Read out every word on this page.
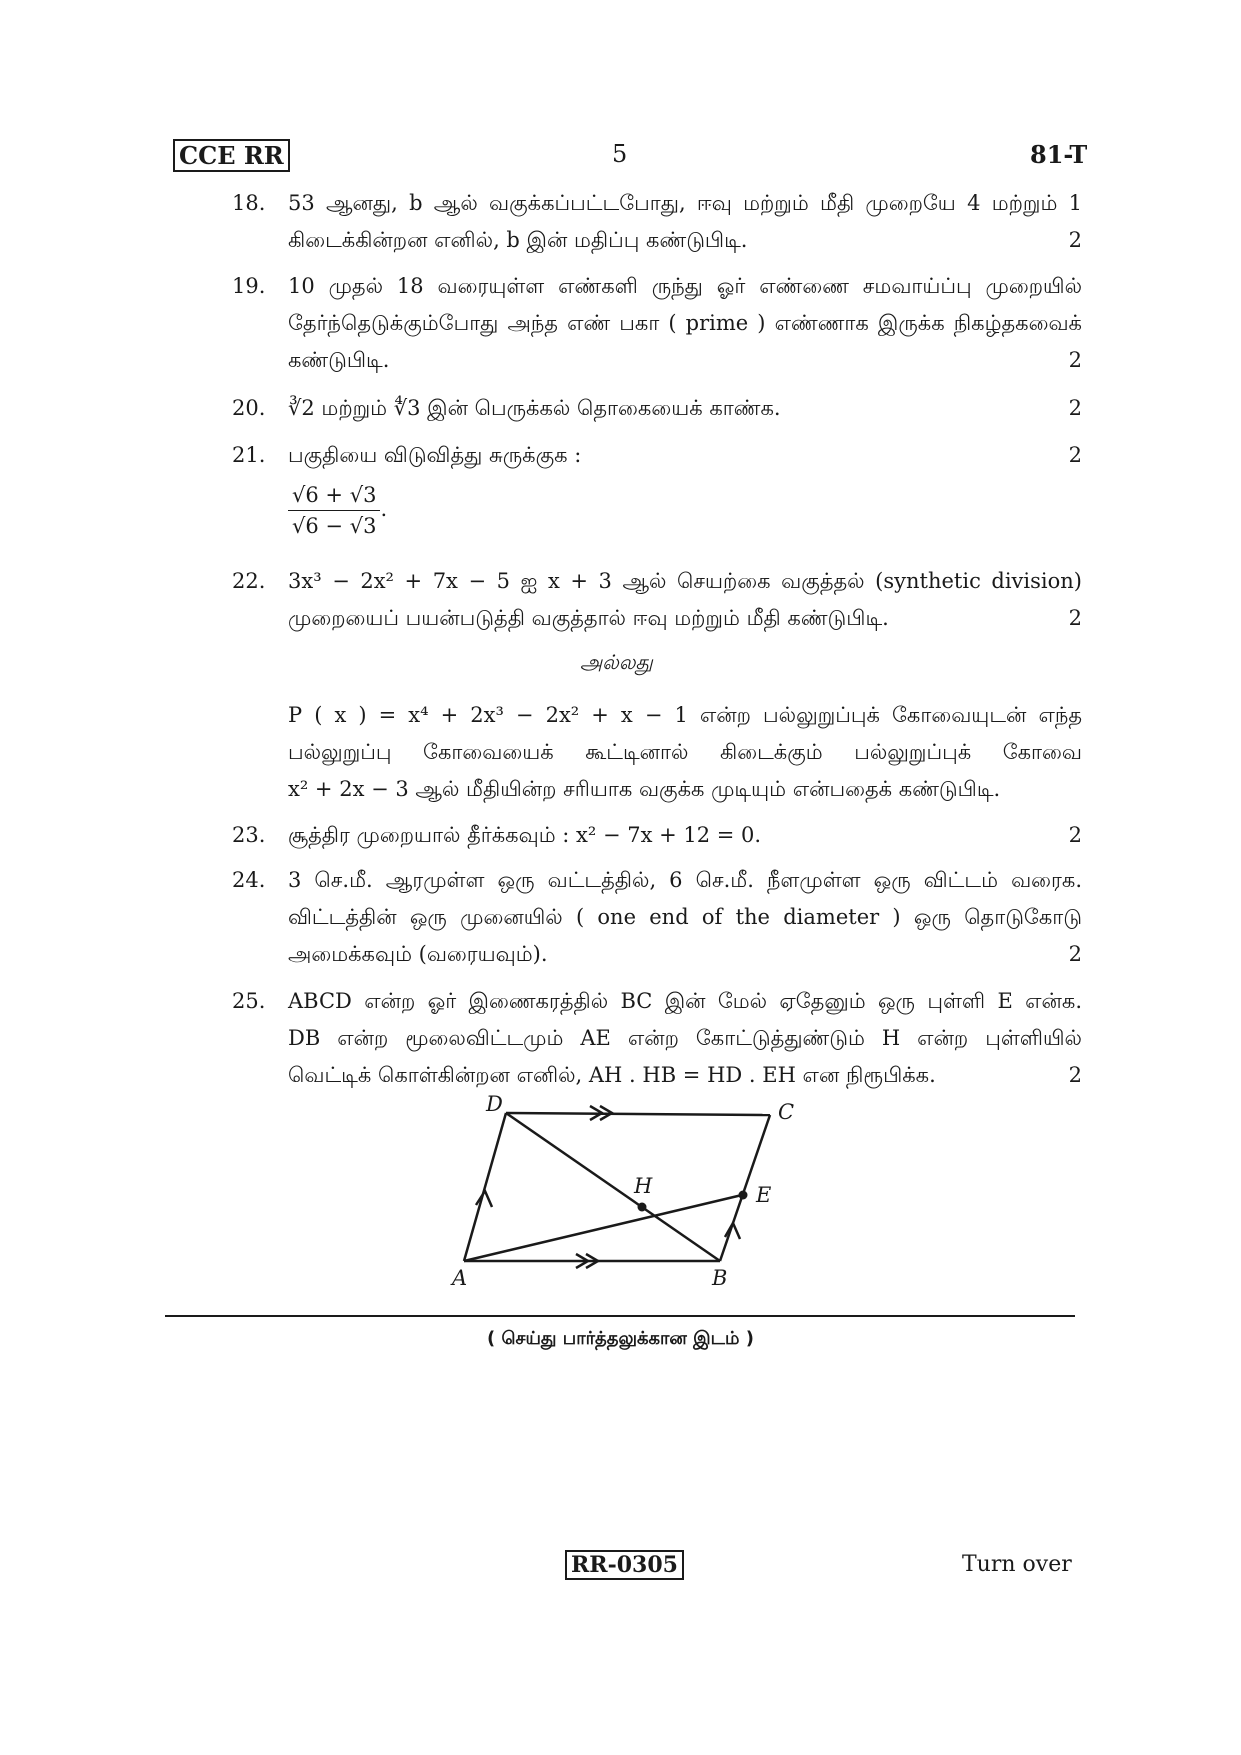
CCE RR	5	81-T
18.	53 ஆனது, b ஆல் வகுக்கப்பட்டபோது, ஈவு மற்றும் மீதி முறையே 4 மற்றும் 1
கிடைக்கின்றன எனில், b இன் மதிப்பு கண்டுபிடி.	2
19.	10 முதல் 18 வரையுள்ள எண்களி ருந்து ஓர் எண்ணை சமவாய்ப்பு முறையில்
தேர்ந்தெடுக்கும்போது அந்த எண் பகா ( prime ) எண்ணாக இருக்க நிகழ்தகவைக்
கண்டுபிடி.	2
20.	∛2 மற்றும் ∜3 இன் பெருக்கல் தொகையைக் காண்க.	2
21.	பகுதியை விடுவித்து சுருக்குக :	2
$\frac{√6 + √3}{√6 - √3}$ .
22.	3x³ − 2x² + 7x − 5 ஐ x + 3 ஆல் செயற்கை வகுத்தல் (synthetic division)
முறையைப் பயன்படுத்தி வகுத்தால் ஈவு மற்றும் மீதி கண்டுபிடி.	2
அல்லது
P ( x ) = x⁴ + 2x³ − 2x² + x − 1 என்ற பல்லுறுப்புக் கோவையுடன் எந்த
பல்லுறுப்பு கோவையைக் கூட்டினால் கிடைக்கும் பல்லுறுப்புக் கோவை
x² + 2x − 3 ஆல் மீதியின்ற சரியாக வகுக்க முடியும் என்பதைக் கண்டுபிடி.
23.	சூத்திர முறையால் தீர்க்கவும் : x² − 7x + 12 = 0.	2
24.	3 செ.மீ. ஆரமுள்ள ஒரு வட்டத்தில், 6 செ.மீ. நீளமுள்ள ஒரு விட்டம் வரைக.
விட்டத்தின் ஒரு முனையில் ( one end of the diameter ) ஒரு தொடுகோடு
அமைக்கவும் (வரையவும்).	2
25.	ABCD என்ற ஓர் இணைகரத்தில் BC இன் மேல் ஏதேனும் ஒரு புள்ளி E என்க.
DB என்ற மூலைவிட்டமும் AE என்ற கோட்டுத்துண்டும் H என்ற புள்ளியில்
வெட்டிக் கொள்கின்றன எனில், AH . HB = HD . EH என நிரூபிக்க.	2
D	C
E
H
A	B
( செய்து பார்த்தலுக்கான இடம் )
RR-0305	Turn over
